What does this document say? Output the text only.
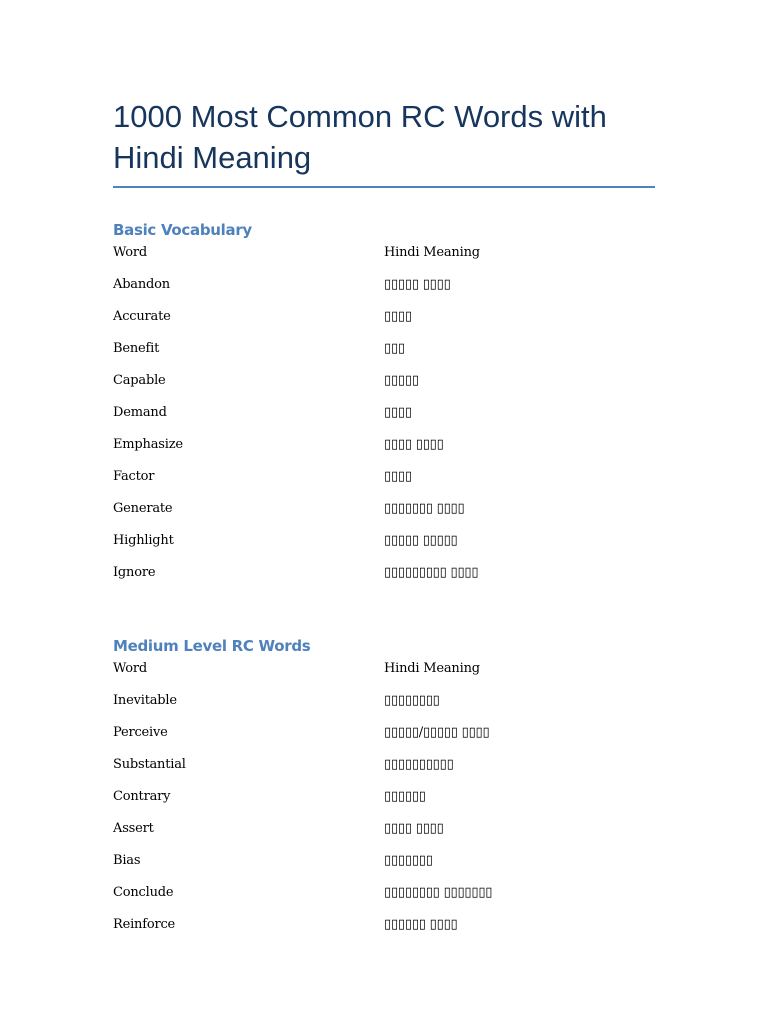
1000 Most Common RC Words with Hindi Meaning
Basic Vocabulary
Word	Hindi Meaning
Abandon	▯▯▯▯▯ ▯▯▯▯
Accurate	▯▯▯▯
Benefit	▯▯▯
Capable	▯▯▯▯▯
Demand	▯▯▯▯
Emphasize	▯▯▯▯ ▯▯▯▯
Factor	▯▯▯▯
Generate	▯▯▯▯▯▯▯ ▯▯▯▯
Highlight	▯▯▯▯▯ ▯▯▯▯▯
Ignore	▯▯▯▯▯▯▯▯▯ ▯▯▯▯
Medium Level RC Words
Word	Hindi Meaning
Inevitable	▯▯▯▯▯▯▯▯
Perceive	▯▯▯▯▯/▯▯▯▯▯ ▯▯▯▯
Substantial	▯▯▯▯▯▯▯▯▯▯
Contrary	▯▯▯▯▯▯
Assert	▯▯▯▯ ▯▯▯▯
Bias	▯▯▯▯▯▯▯
Conclude	▯▯▯▯▯▯▯▯ ▯▯▯▯▯▯▯
Reinforce	▯▯▯▯▯▯ ▯▯▯▯
